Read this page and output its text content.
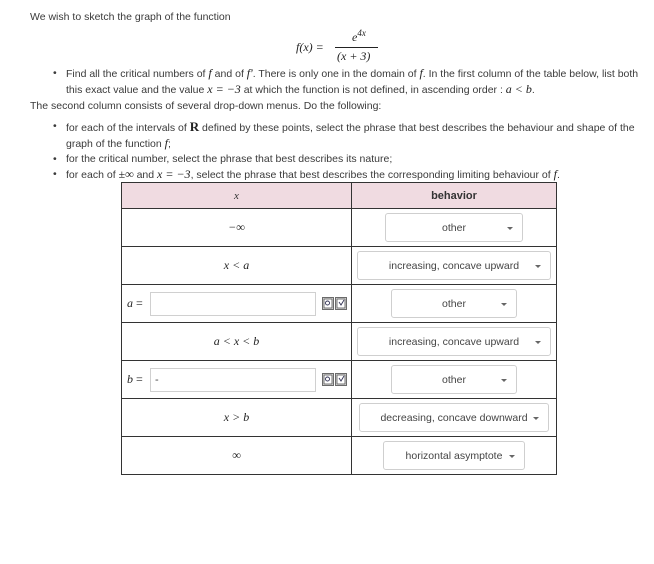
We wish to sketch the graph of the function
f(x) =
$e^{4x}$
(x + 3)
• Find all the critical numbers of f and of f'. There is only one in the domain of f. In the first column of the table below, list both this exact value and the value x = −3 at which the function is not defined, in ascending order : a < b.
The second column consists of several drop-down menus. Do the following:
• for each of the intervals of R defined by these points, select the phrase that best describes the behaviour and shape of the graph of the function f;
• for the critical number, select the phrase that best describes its nature;
• for each of ±∞ and x = −3, select the phrase that best describes the corresponding limiting behaviour of f.
x	behavior
−∞	other

x < a	increasing, concave upward

a =	other

a < x < b	increasing, concave upward

b = -	other

x > b	decreasing, concave downward

∞	horizontal asymptote
